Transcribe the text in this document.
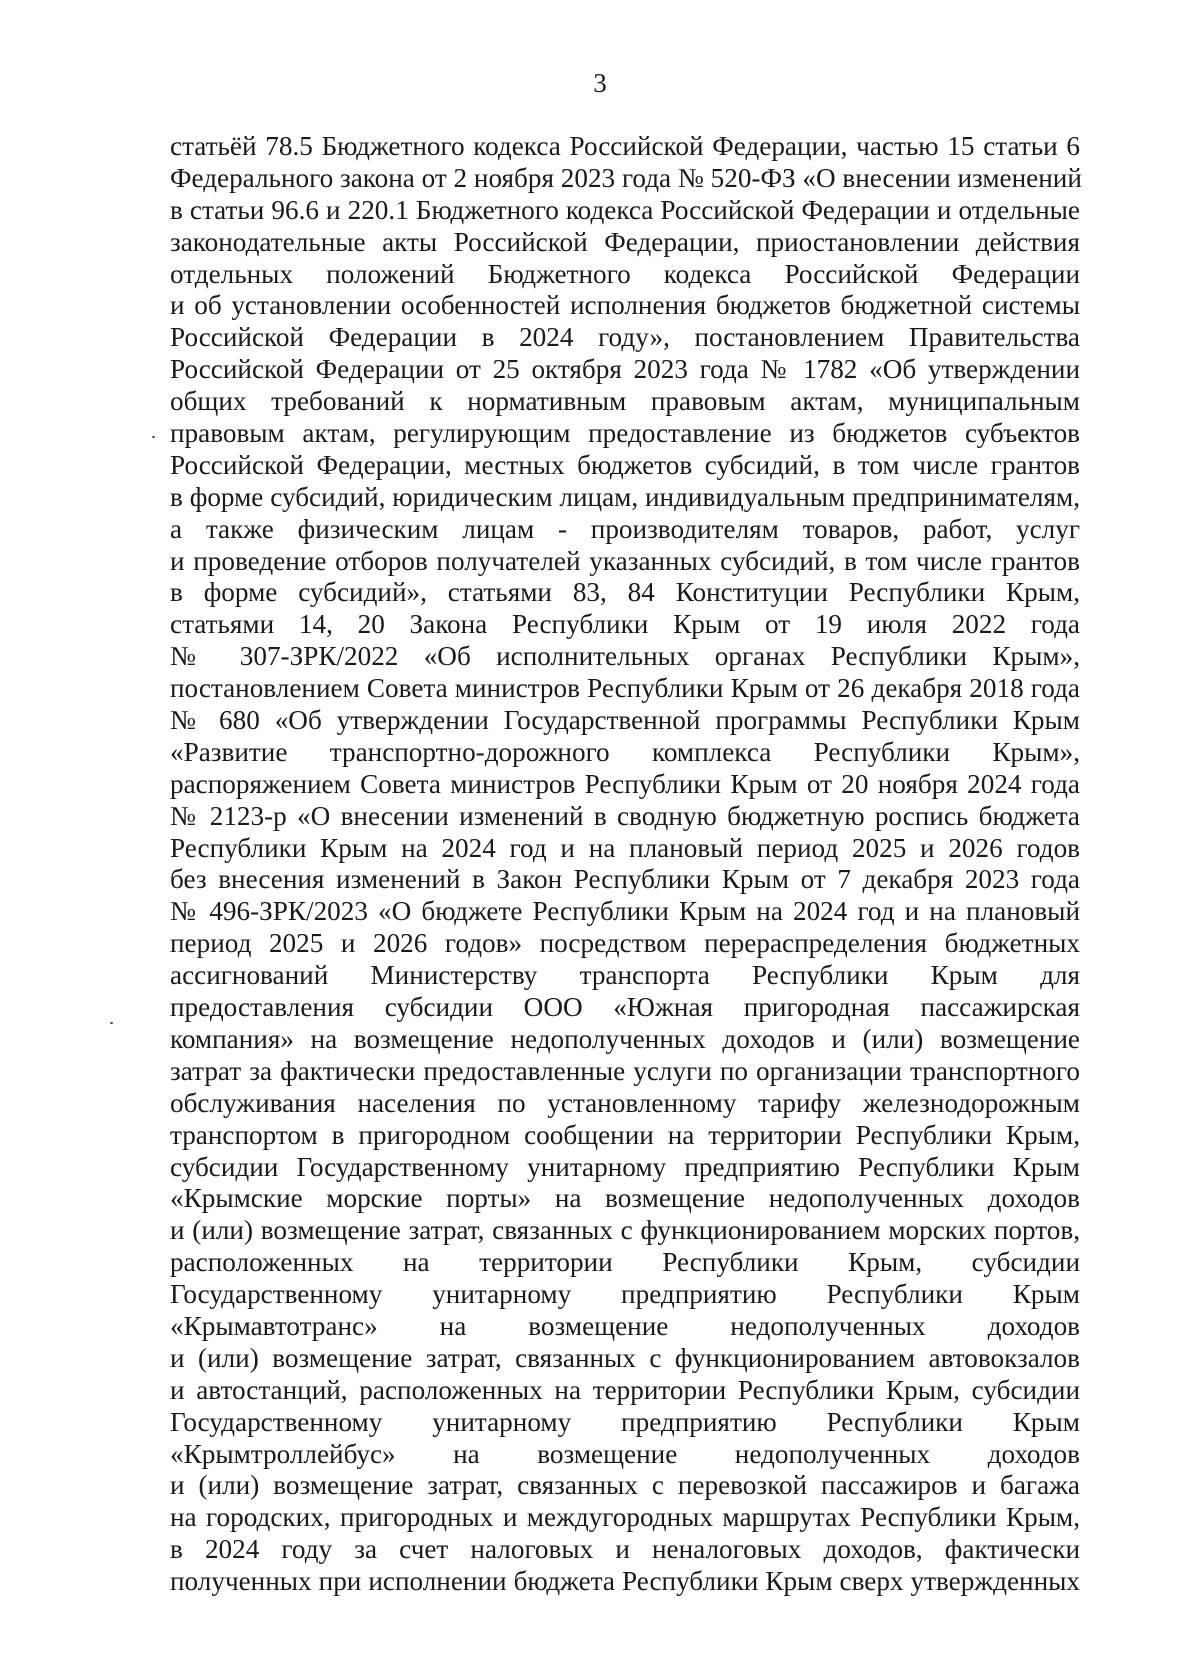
3
статьёй 78.5 Бюджетного кодекса Российской Федерации, частью 15 статьи 6
Федерального закона от 2 ноября 2023 года № 520-ФЗ «О внесении изменений
в статьи 96.6 и 220.1 Бюджетного кодекса Российской Федерации и отдельные
законодательные акты Российской Федерации, приостановлении действия
отдельных положений Бюджетного кодекса Российской Федерации
и об установлении особенностей исполнения бюджетов бюджетной системы
Российской Федерации в 2024 году», постановлением Правительства
Российской Федерации от 25 октября 2023 года № 1782 «Об утверждении
общих требований к нормативным правовым актам, муниципальным
правовым актам, регулирующим предоставление из бюджетов субъектов
Российской Федерации, местных бюджетов субсидий, в том числе грантов
в форме субсидий, юридическим лицам, индивидуальным предпринимателям,
а также физическим лицам - производителям товаров, работ, услуг
и проведение отборов получателей указанных субсидий, в том числе грантов
в форме субсидий», статьями 83, 84 Конституции Республики Крым,
статьями 14, 20 Закона Республики Крым от 19 июля 2022 года
№ 307-ЗРК/2022 «Об исполнительных органах Республики Крым»,
постановлением Совета министров Республики Крым от 26 декабря 2018 года
№ 680 «Об утверждении Государственной программы Республики Крым
«Развитие транспортно-дорожного комплекса Республики Крым»,
распоряжением Совета министров Республики Крым от 20 ноября 2024 года
№ 2123-р «О внесении изменений в сводную бюджетную роспись бюджета
Республики Крым на 2024 год и на плановый период 2025 и 2026 годов
без внесения изменений в Закон Республики Крым от 7 декабря 2023 года
№ 496-ЗРК/2023 «О бюджете Республики Крым на 2024 год и на плановый
период 2025 и 2026 годов» посредством перераспределения бюджетных
ассигнований Министерству транспорта Республики Крым для
предоставления субсидии ООО «Южная пригородная пассажирская
компания» на возмещение недополученных доходов и (или) возмещение
затрат за фактически предоставленные услуги по организации транспортного
обслуживания населения по установленному тарифу железнодорожным
транспортом в пригородном сообщении на территории Республики Крым,
субсидии Государственному унитарному предприятию Республики Крым
«Крымские морские порты» на возмещение недополученных доходов
и (или) возмещение затрат, связанных с функционированием морских портов,
расположенных на территории Республики Крым, субсидии
Государственному унитарному предприятию Республики Крым
«Крымавтотранс» на возмещение недополученных доходов
и (или) возмещение затрат, связанных с функционированием автовокзалов
и автостанций, расположенных на территории Республики Крым, субсидии
Государственному унитарному предприятию Республики Крым
«Крымтроллейбус» на возмещение недополученных доходов
и (или) возмещение затрат, связанных с перевозкой пассажиров и багажа
на городских, пригородных и междугородных маршрутах Республики Крым,
в 2024 году за счет налоговых и неналоговых доходов, фактически
полученных при исполнении бюджета Республики Крым сверх утвержденных
